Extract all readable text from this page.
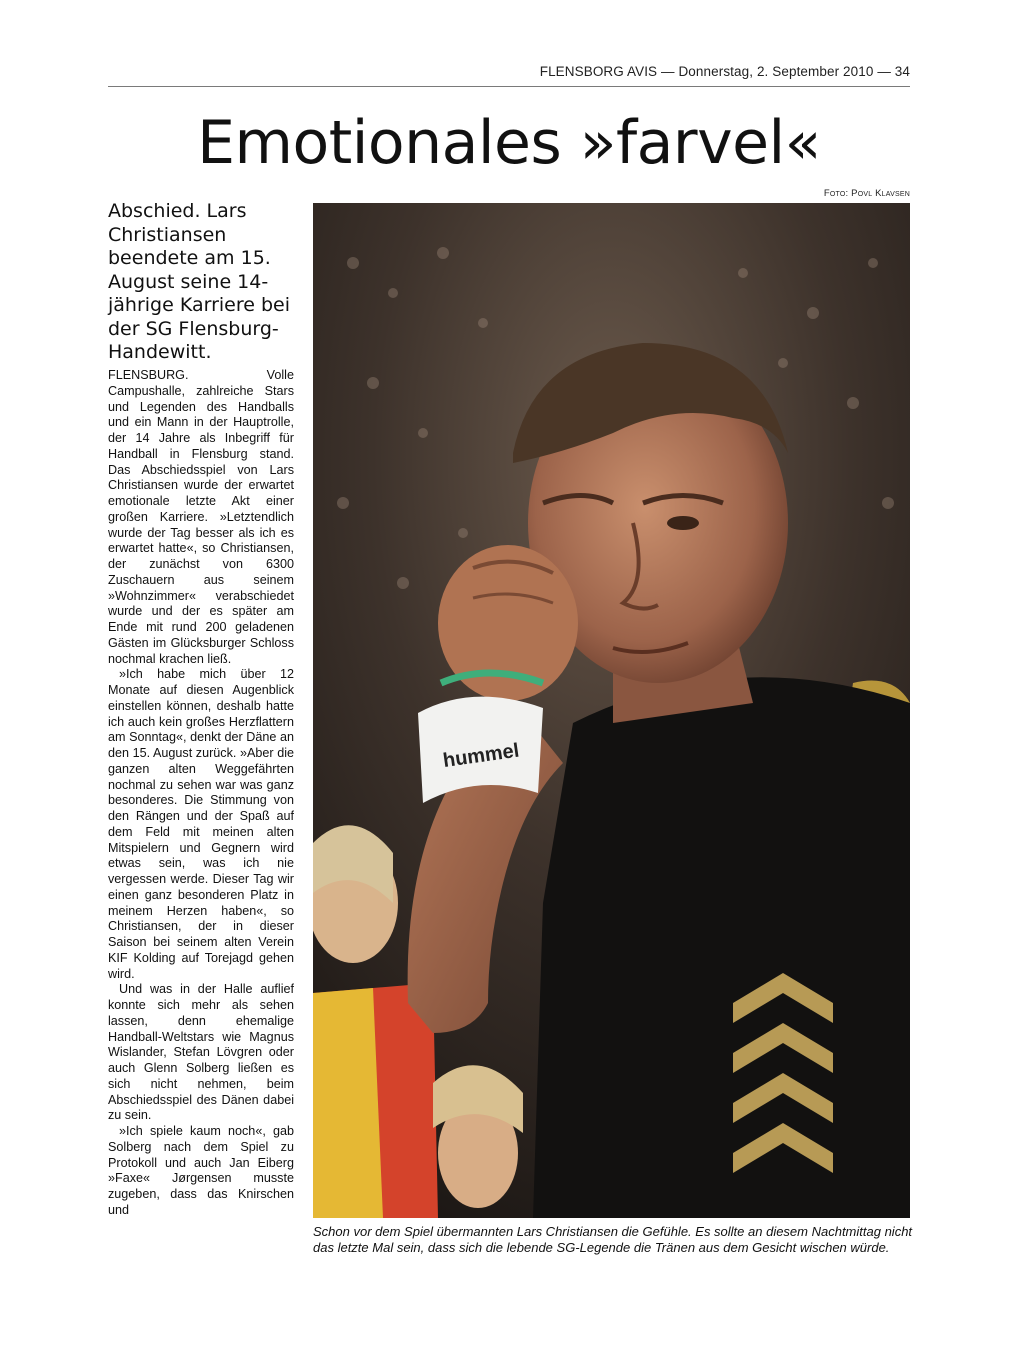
FLENSBORG AVIS — Donnerstag, 2. September 2010 — 34
Emotionales »farvel«
Foto: Povl Klavsen
Abschied. Lars Christiansen beendete am 15. August seine 14-jährige Karriere bei der SG Flensburg-Handewitt.

FLENSBURG. Volle Campushalle, zahlreiche Stars und Legenden des Handballs und ein Mann in der Hauptrolle, der 14 Jahre als Inbegriff für Handball in Flensburg stand. Das Abschiedsspiel von Lars Christiansen wurde der erwartet emotionale letzte Akt einer großen Karriere. »Letztendlich wurde der Tag besser als ich es erwartet hatte«, so Christiansen, der zunächst von 6300 Zuschauern aus seinem »Wohnzimmer« verabschiedet wurde und der es später am Ende mit rund 200 geladenen Gästen im Glücksburger Schloss nochmal krachen ließ.

»Ich habe mich über 12 Monate auf diesen Augenblick einstellen können, deshalb hatte ich auch kein großes Herzflattern am Sonntag«, denkt der Däne an den 15. August zurück. »Aber die ganzen alten Weggefährten nochmal zu sehen war was ganz besonderes. Die Stimmung von den Rängen und der Spaß auf dem Feld mit meinen alten Mitspielern und Gegnern wird etwas sein, was ich nie vergessen werde. Dieser Tag wir einen ganz besonderen Platz in meinem Herzen haben«, so Christiansen, der in dieser Saison bei seinem alten Verein KIF Kolding auf Torejagd gehen wird.

Und was in der Halle auflief konnte sich mehr als sehen lassen, denn ehemalige Handball-Weltstars wie Magnus Wislander, Stefan Lövgren oder auch Glenn Solberg ließen es sich nicht nehmen, beim Abschiedsspiel des Dänen dabei zu sein.

»Ich spiele kaum noch«, gab Solberg nach dem Spiel zu Protokoll und auch Jan Eiberg »Faxe« Jørgensen musste zugeben, dass das Knirschen und

hummel
Schon vor dem Spiel übermannten Lars Christiansen die Gefühle. Es sollte an diesem Nachtmittag nicht das letzte Mal sein, dass sich die lebende SG-Legende die Tränen aus dem Gesicht wischen würde.
